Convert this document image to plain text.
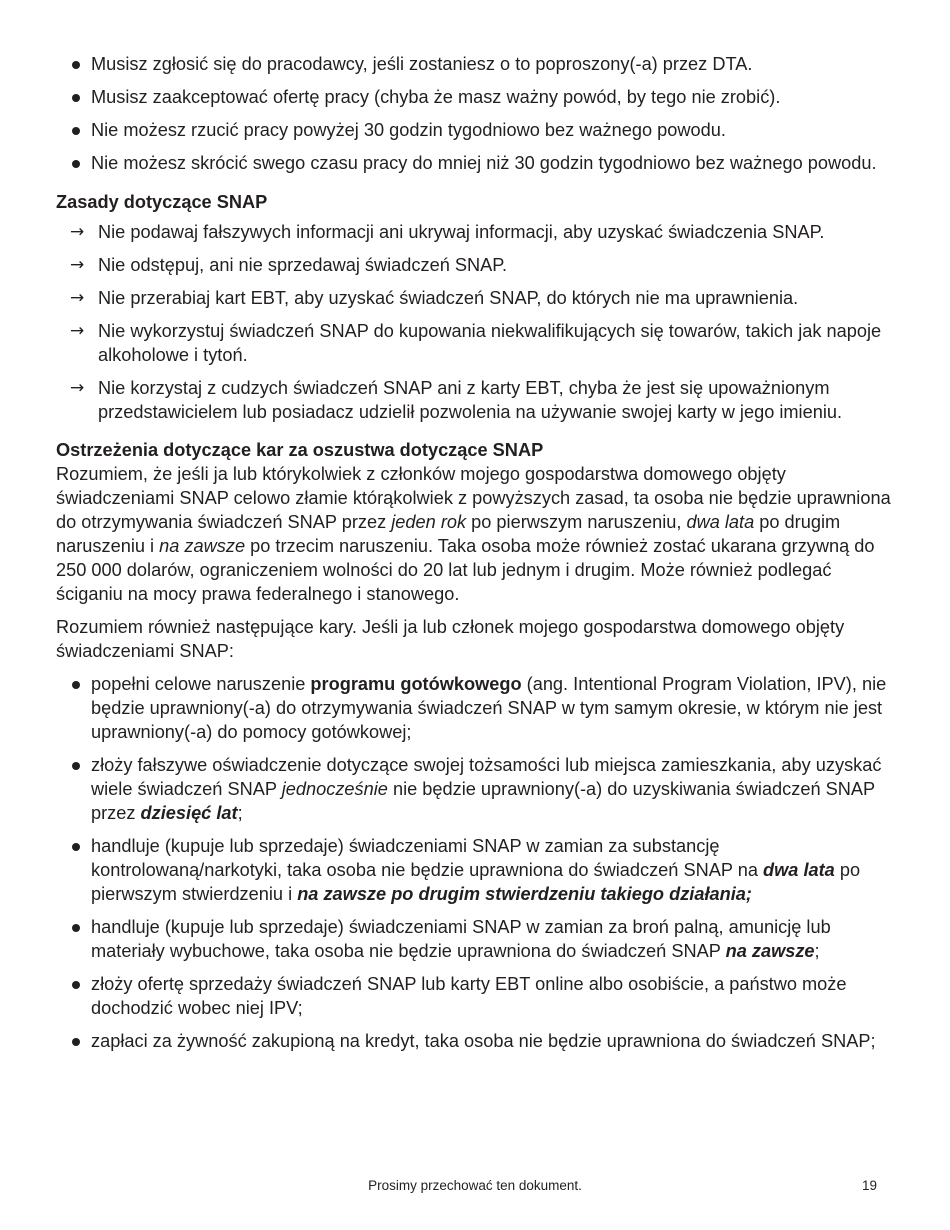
Musisz zgłosić się do pracodawcy, jeśli zostaniesz o to poproszony(-a) przez DTA.
Musisz zaakceptować ofertę pracy (chyba że masz ważny powód, by tego nie zrobić).
Nie możesz rzucić pracy powyżej 30 godzin tygodniowo bez ważnego powodu.
Nie możesz skrócić swego czasu pracy do mniej niż 30 godzin tygodniowo bez ważnego powodu.
Zasady dotyczące SNAP
→ Nie podawaj fałszywych informacji ani ukrywaj informacji, aby uzyskać świadczenia SNAP.
→ Nie odstępuj, ani nie sprzedawaj świadczeń SNAP.
→ Nie przerabiaj kart EBT, aby uzyskać świadczeń SNAP, do których nie ma uprawnienia.
→ Nie wykorzystuj świadczeń SNAP do kupowania niekwalifikujących się towarów, takich jak napoje alkoholowe i tytoń.
→ Nie korzystaj z cudzych świadczeń SNAP ani z karty EBT, chyba że jest się upoważnionym przedstawicielem lub posiadacz udzielił pozwolenia na używanie swojej karty w jego imieniu.
Ostrzeżenia dotyczące kar za oszustwa dotyczące SNAP

Rozumiem, że jeśli ja lub którykolwiek z członków mojego gospodarstwa domowego objęty świadczeniami SNAP celowo złamie którąkolwiek z powyższych zasad, ta osoba nie będzie uprawniona do otrzymywania świadczeń SNAP przez jeden rok po pierwszym naruszeniu, dwa lata po drugim naruszeniu i na zawsze po trzecim naruszeniu. Taka osoba może również zostać ukarana grzywną do 250 000 dolarów, ograniczeniem wolności do 20 lat lub jednym i drugim. Może również podlegać ściganiu na mocy prawa federalnego i stanowego.

Rozumiem również następujące kary. Jeśli ja lub członek mojego gospodarstwa domowego objęty świadczeniami SNAP:

popełni celowe naruszenie programu gotówkowego (ang. Intentional Program Violation, IPV), nie będzie uprawniony(-a) do otrzymywania świadczeń SNAP w tym samym okresie, w którym nie jest uprawniony(-a) do pomocy gotówkowej;
złoży fałszywe oświadczenie dotyczące swojej tożsamości lub miejsca zamieszkania, aby uzyskać wiele świadczeń SNAP jednocześnie nie będzie uprawniony(-a) do uzyskiwania świadczeń SNAP przez dziesięć lat;
handluje (kupuje lub sprzedaje) świadczeniami SNAP w zamian za substancję kontrolowaną/narkotyki, taka osoba nie będzie uprawniona do świadczeń SNAP na dwa lata po pierwszym stwierdzeniu i na zawsze po drugim stwierdzeniu takiego działania;
handluje (kupuje lub sprzedaje) świadczeniami SNAP w zamian za broń palną, amunicję lub materiały wybuchowe, taka osoba nie będzie uprawniona do świadczeń SNAP na zawsze;
złoży ofertę sprzedaży świadczeń SNAP lub karty EBT online albo osobiście, a państwo może dochodzić wobec niej IPV;
zapłaci za żywność zakupioną na kredyt, taka osoba nie będzie uprawniona do świadczeń SNAP;
Prosimy przechować ten dokument.	19
